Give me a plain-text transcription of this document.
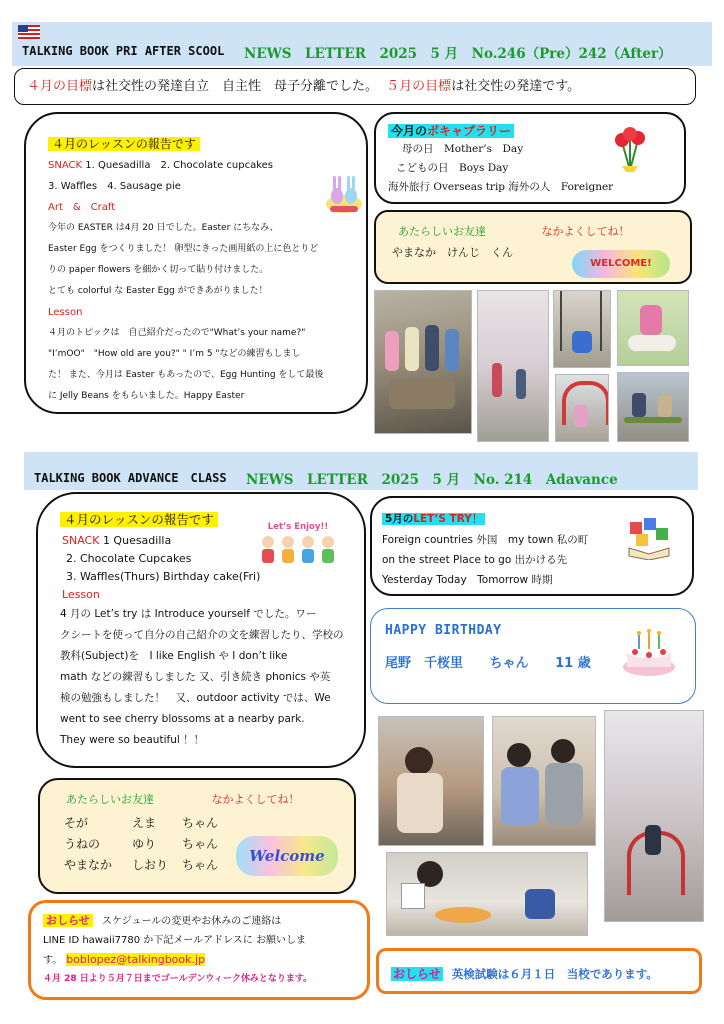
TALKING BOOK PRI AFTER SCOOL NEWS　LETTER　2025　5 月　No.246（Pre）242（After）
４月の目標は社交性の発達自立　自主性　母子分離でした。 ５月の目標は社交性の発達です。
４月のレッスンの報告です
SNACK 1. Quesadilla　2. Chocolate cupcakes
3. Waffles　4. Sausage pie
Art　&　Craft
今年の EASTER は4月 20 日でした。Easter にちなみ、
Easter Egg をつくりました！ 卵型にきった画用紙の上に色とりど
りの paper flowers を細かく切って貼り付けました。
とても colorful な Easter Egg ができあがりました！
Lesson
４月のトピックは　自己紹介だったので"What’s your name?"
"I’mOO"　"How old are you?" " I’m 5 "などの練習もしまし
た！ また、今月は Easter もあったので、Egg Hunting をして最後
に Jelly Beans をもらいました。Happy Easter
今月のボキャブラリー
母の日　Mother’s　Day
こどもの日　Boys Day
海外旅行 Overseas trip 海外の人　Foreigner
あたらしいお友達	なかよくしてね！
やまなか　けんじ　くん
WELCOME!
TALKING BOOK ADVANCE　CLASS NEWS　LETTER　2025　5 月　No. 214　Adavance
４月のレッスンの報告です
SNACK 1 Quesadilla
2. Chocolate Cupcakes
3. Waffles(Thurs) Birthday cake(Fri)
Lesson
4 月の Let’s try は Introduce yourself でした。ワー
クシートを使って自分の自己紹介の文を練習したり、学校の
教科(Subject)を　I like English や I don’t like
math などの練習もしました 又、引き続き phonics や英
検の勉強もしました！　又、outdoor activity では、We
went to see cherry blossoms at a nearby park.
They were so beautiful ！！
Let’s Enjoy!!
5月のLET’S TRY！
Foreign countries 外国　my town 私の町
on the street Place to go 出かける先
Yesterday Today　Tomorrow 時期
HAPPY BIRTHDAY
尾野　千桜里 ちゃん 11 歳
あたらしいお友達	なかよくしてね！
そが	えま	ちゃん
うねの	ゆり	ちゃん
やまなか	しおり	ちゃん	Welcome
おしらせ スケジュールの変更やお休みのご連絡は
LINE ID hawaii7780 か下記メールアドレスに お願いしま
す。 boblopez@talkingbook.jp
４月 28 日より５月７日までゴールデンウィーク休みとなります。	おしらせ 英検試験は６月１日　当校であります。
